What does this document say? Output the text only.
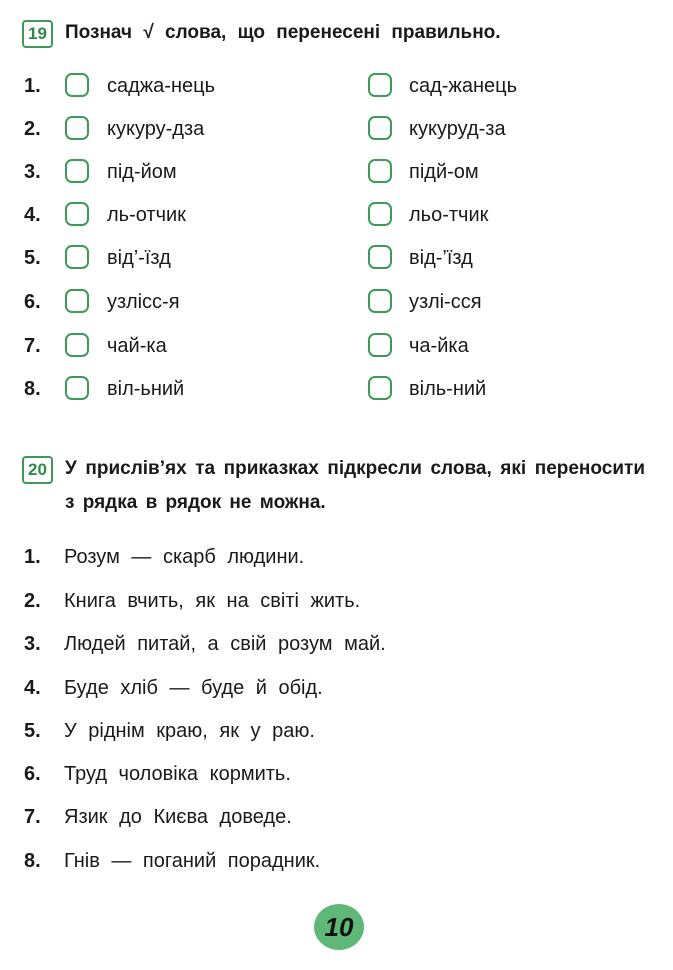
19 Познач √ слова, що перенесені правильно.
1.	саджа-нець	сад-жанець
2.	кукуру-дза	кукуруд-за
3.	під-йом	підй-ом
4.	ль-отчик	льо-тчик
5.	від’-їзд	від-’їзд
6.	узлісс-я	узлі-сся
7.	чай-ка	ча-йка
8.	віл-ьний	віль-ний
20 У прислів’ях та приказках підкресли слова, які переносити з рядка в рядок не можна.
1. Розум — скарб людини.
2. Книга вчить, як на світі жить.
3. Людей питай, а свій розум май.
4. Буде хліб — буде й обід.
5. У ріднім краю, як у раю.
6. Труд чоловіка кормить.
7. Язик до Києва доведе.
8. Гнів — поганий порадник.
10
